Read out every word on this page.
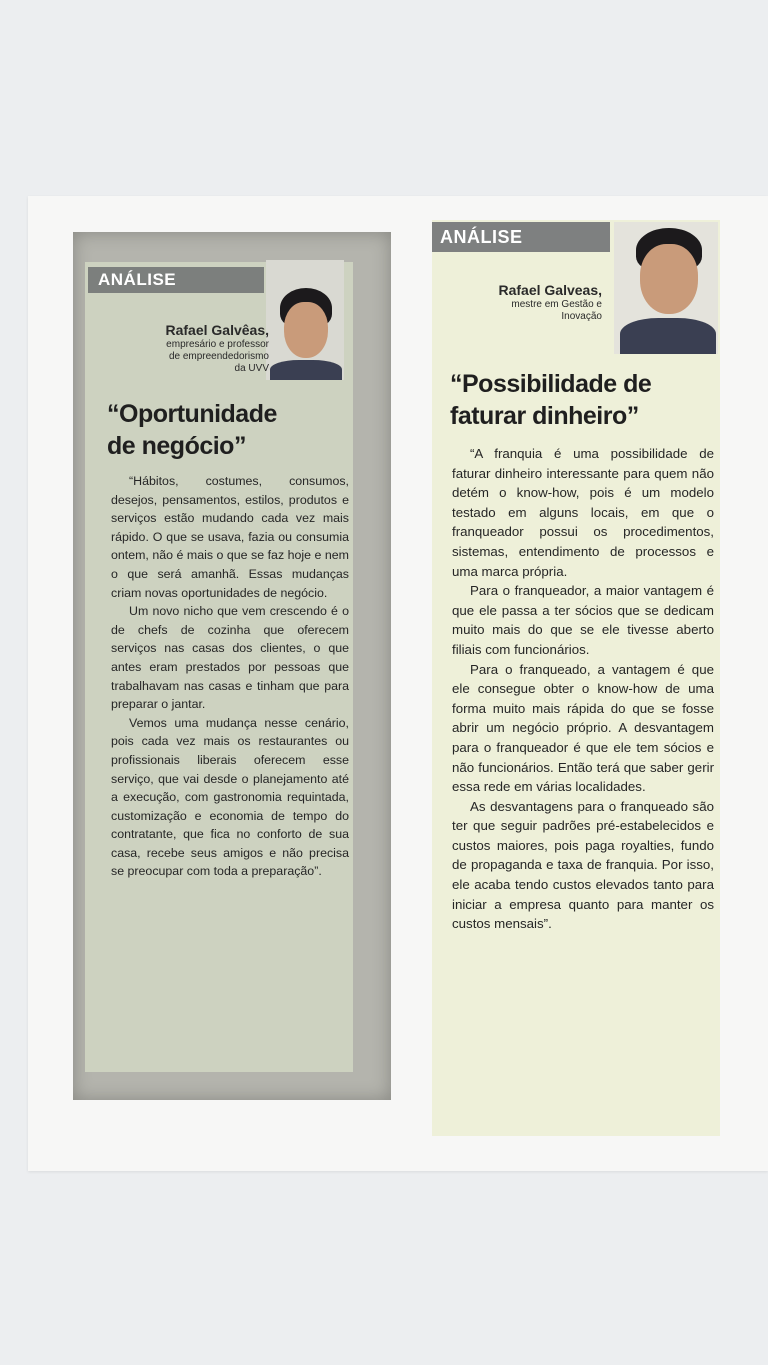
ANÁLISE
Rafael Galvêas,
empresário e professor
de empreendedorismo
da UVV
“Oportunidade
de negócio”

“Hábitos, costumes, consumos, desejos, pensamentos, estilos, produtos e serviços estão mudando cada vez mais rápido. O que se usava, fazia ou consumia ontem, não é mais o que se faz hoje e nem o que será amanhã. Essas mudanças criam novas oportunidades de negócio.

Um novo nicho que vem crescendo é o de chefs de cozinha que oferecem serviços nas casas dos clientes, o que antes eram prestados por pessoas que trabalhavam nas casas e tinham que para preparar o jantar.

Vemos uma mudança nesse cenário, pois cada vez mais os restaurantes ou profissionais liberais oferecem esse serviço, que vai desde o planejamento até a execução, com gastronomia requintada, customização e economia de tempo do contratante, que fica no conforto de sua casa, recebe seus amigos e não precisa se preocupar com toda a preparação”.

ANÁLISE
Rafael Galveas,
mestre em Gestão e
Inovação
“Possibilidade de
faturar dinheiro”

“A franquia é uma possibilidade de faturar dinheiro interessante para quem não detém o know-how, pois é um modelo testado em alguns locais, em que o franqueador possui os procedimentos, sistemas, entendimento de processos e uma marca própria.

Para o franqueador, a maior vantagem é que ele passa a ter sócios que se dedicam muito mais do que se ele tivesse aberto filiais com funcionários.

Para o franqueado, a vantagem é que ele consegue obter o know-how de uma forma muito mais rápida do que se fosse abrir um negócio próprio. A desvantagem para o franqueador é que ele tem sócios e não funcionários. Então terá que saber gerir essa rede em várias localidades.

As desvantagens para o franqueado são ter que seguir padrões pré-estabelecidos e custos maiores, pois paga royalties, fundo de propaganda e taxa de franquia. Por isso, ele acaba tendo custos elevados tanto para iniciar a empresa quanto para manter os custos mensais”.
